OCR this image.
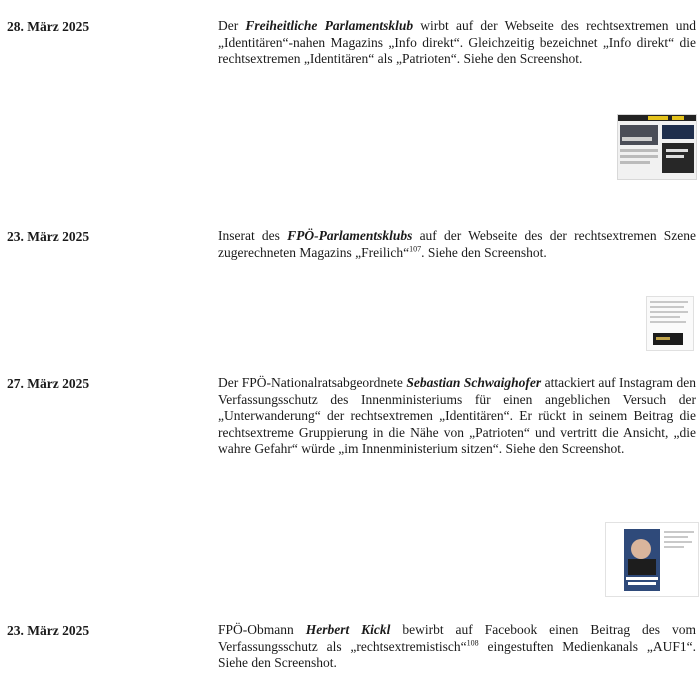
28. März 2025	Der Freiheitliche Parlamentsklub wirbt auf der Webseite des rechtsextremen und „Identitären“-nahen Magazins „Info direkt“. Gleichzeitig bezeichnet „Info direkt“ die rechtsextremen „Identitären“ als „Patrioten“. Siehe den Screenshot.

23. März 2025	Inserat des FPÖ-Parlamentsklubs auf der Webseite des der rechtsextremen Szene zugerechneten Magazins „Freilich“$^{107}$. Siehe den Screenshot.

27. März 2025	Der FPÖ-Nationalratsabgeordnete Sebastian Schwaighofer attackiert auf Instagram den Verfassungsschutz des Innenministeriums für einen angeblichen Versuch der „Unterwanderung“ der rechtsextremen „Identitären“. Er rückt in seinem Beitrag die rechtsextreme Gruppierung in die Nähe von „Patrioten“ und vertritt die Ansicht, „die wahre Gefahr“ würde „im Innenministerium sitzen“. Siehe den Screenshot.

23. März 2025	FPÖ-Obmann Herbert Kickl bewirbt auf Facebook einen Beitrag des vom Verfassungsschutz als „rechtsextremistisch“$^{108}$ eingestuften Medienkanals „AUF1“. Siehe den Screenshot.
